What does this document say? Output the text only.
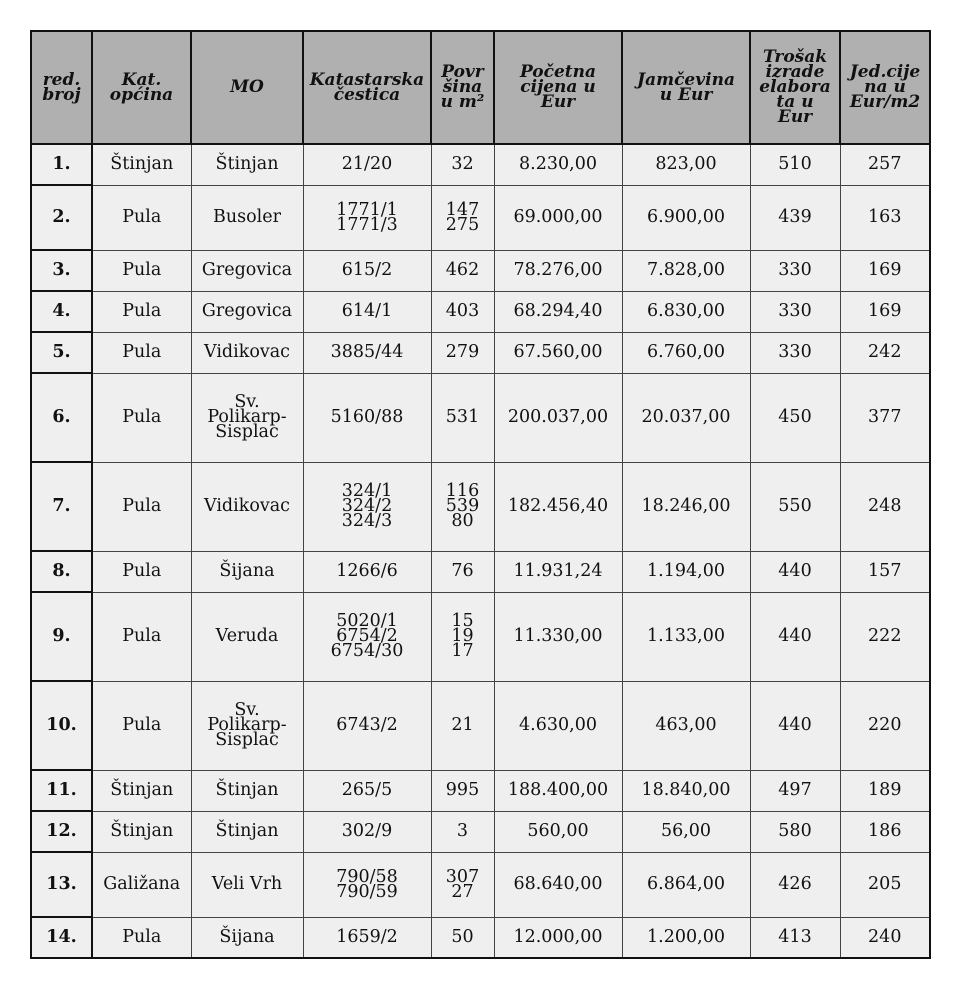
red.
broj	Kat.
općina	MO	Katastarska
čestica	Povr
šina
u m²	Početna
cijena u
Eur	Jamčevina
u Eur	Trošak
izrade
elabora
ta u
Eur	Jed.cije
na u
Eur/m2
1.	Štinjan	Štinjan	21/20	32	8.230,00	823,00	510	257
2.	Pula	Busoler	1771/1
1771/3	147
275	69.000,00	6.900,00	439	163
3.	Pula	Gregovica	615/2	462	78.276,00	7.828,00	330	169
4.	Pula	Gregovica	614/1	403	68.294,40	6.830,00	330	169
5.	Pula	Vidikovac	3885/44	279	67.560,00	6.760,00	330	242
6.	Pula	Sv.
Polikarp-
Sisplac	5160/88	531	200.037,00	20.037,00	450	377
7.	Pula	Vidikovac	324/1
324/2
324/3	116
539
80	182.456,40	18.246,00	550	248
8.	Pula	Šijana	1266/6	76	11.931,24	1.194,00	440	157
9.	Pula	Veruda	5020/1
6754/2
6754/30	15
19
17	11.330,00	1.133,00	440	222
10.	Pula	Sv.
Polikarp-
Sisplac	6743/2	21	4.630,00	463,00	440	220
11.	Štinjan	Štinjan	265/5	995	188.400,00	18.840,00	497	189
12.	Štinjan	Štinjan	302/9	3	560,00	56,00	580	186
13.	Galižana	Veli Vrh	790/58
790/59	307
27	68.640,00	6.864,00	426	205
14.	Pula	Šijana	1659/2	50	12.000,00	1.200,00	413	240
